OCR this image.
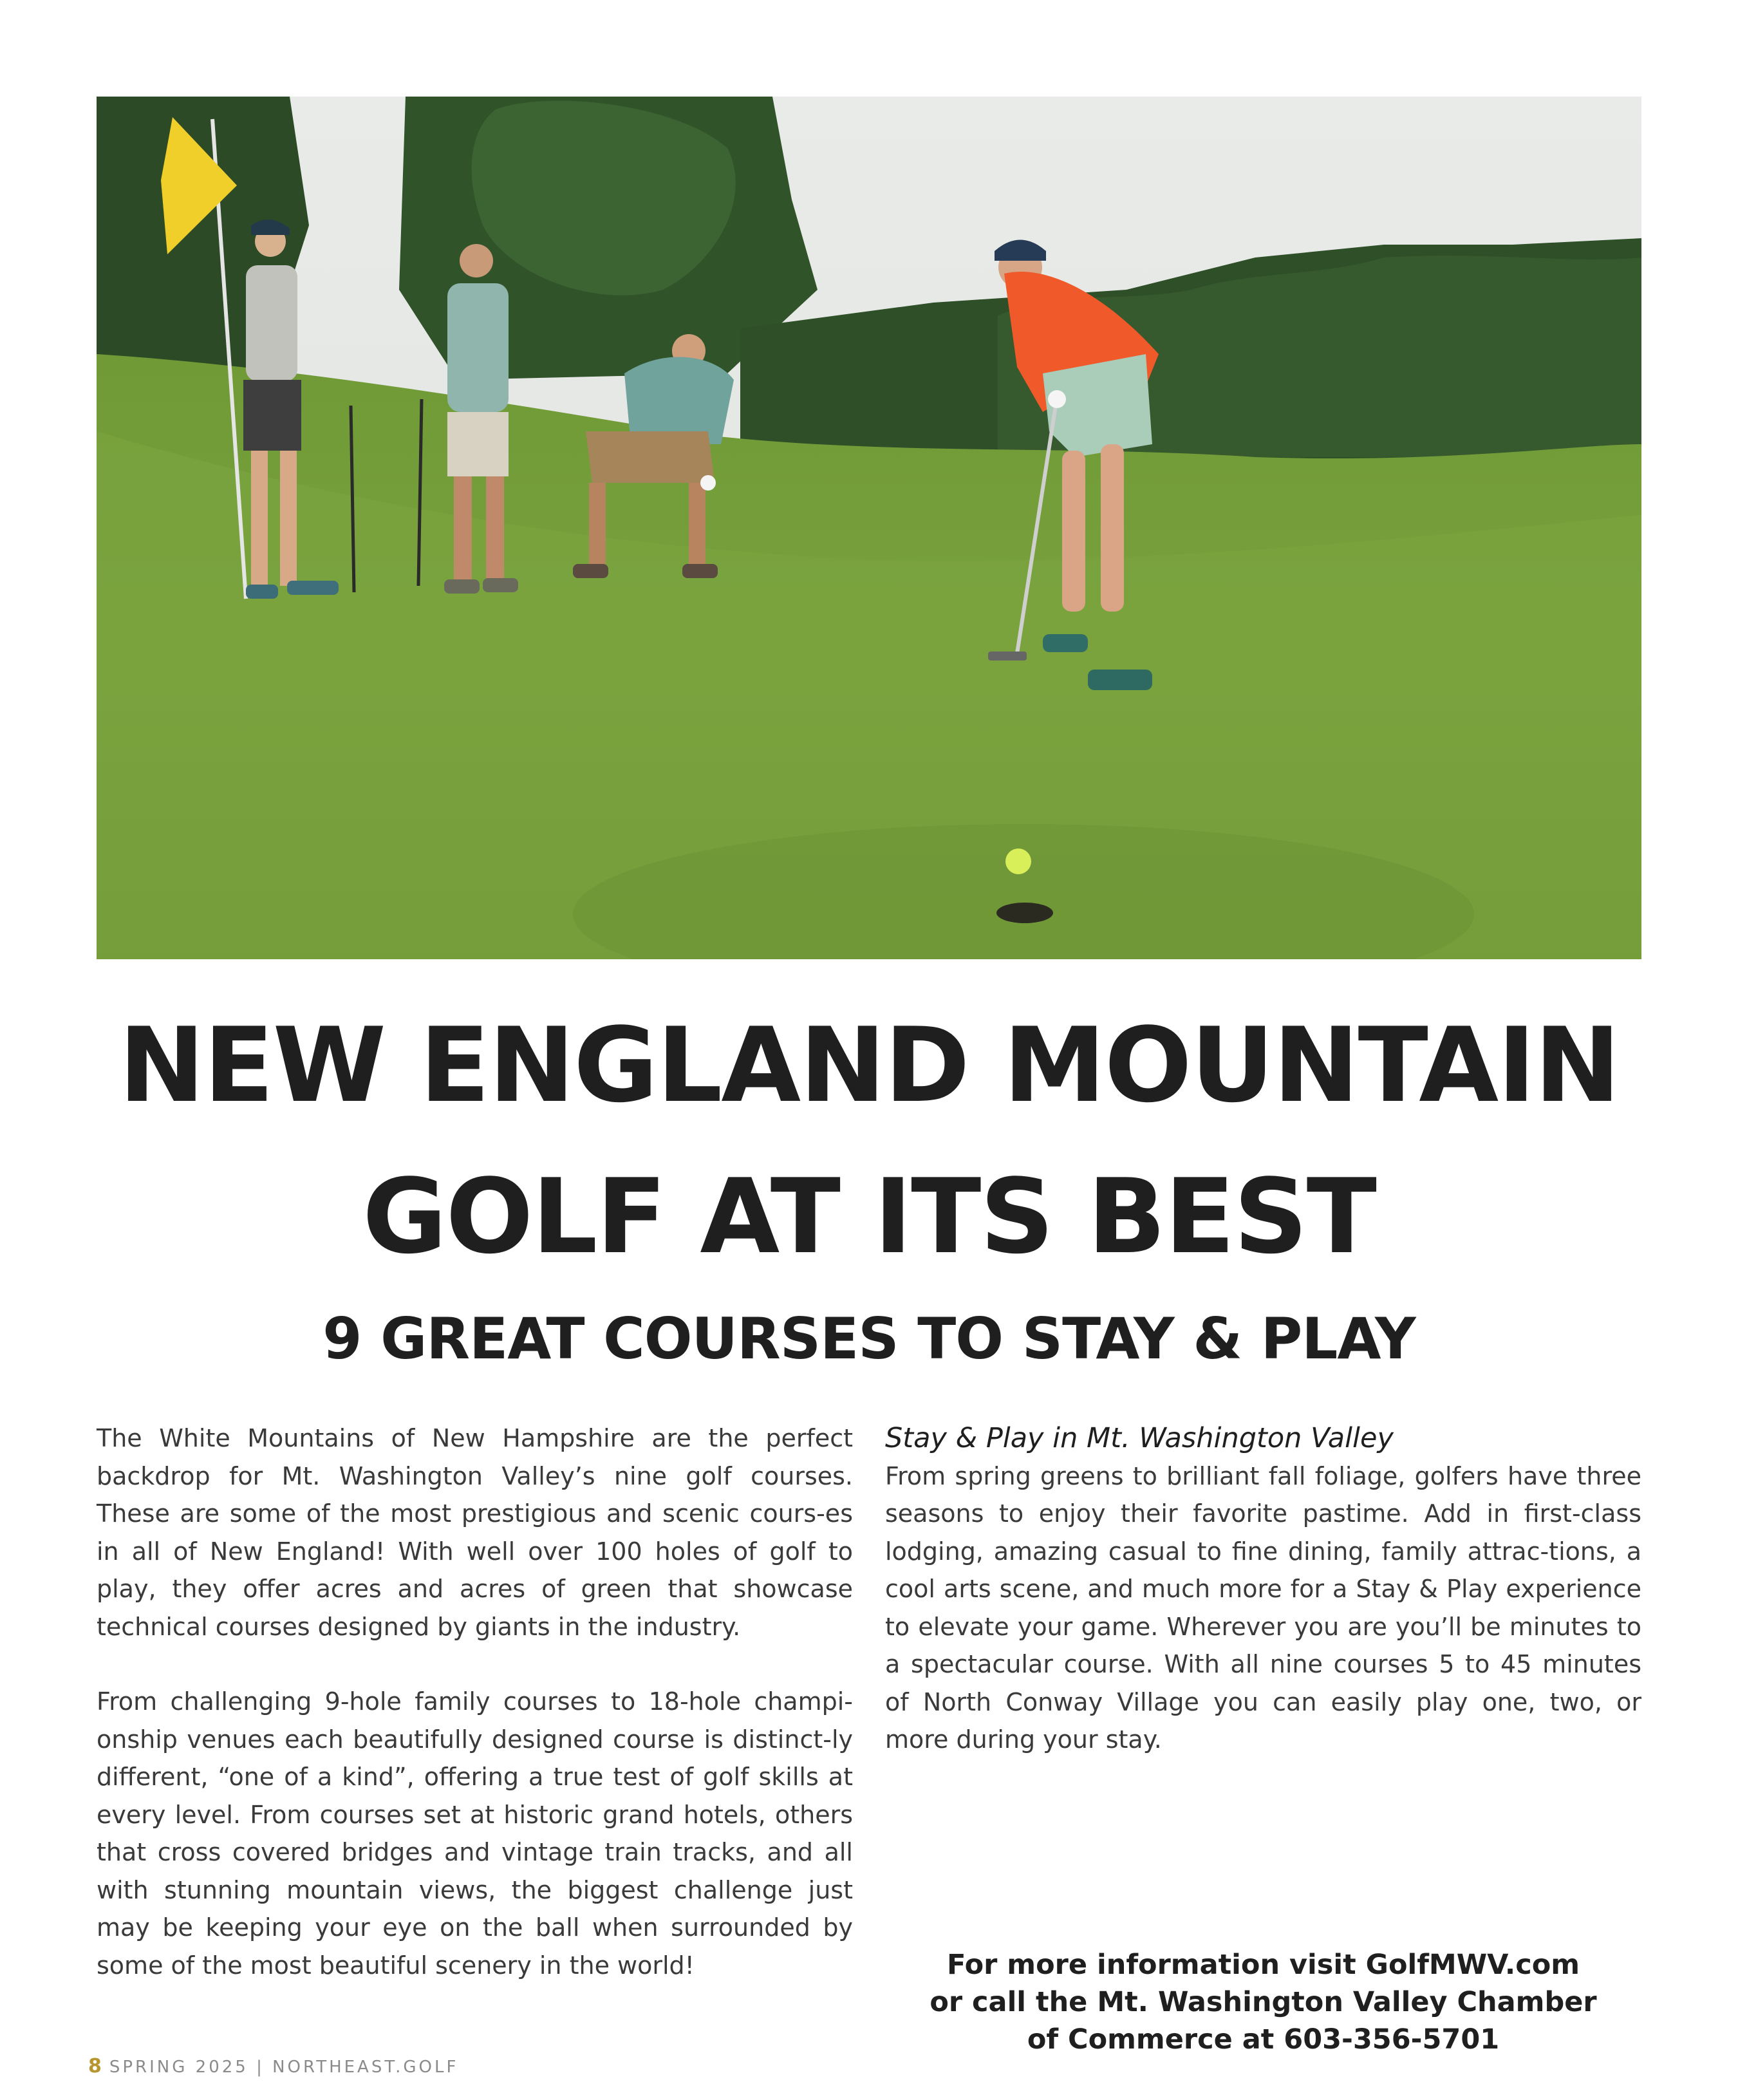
NEW ENGLAND MOUNTAIN
GOLF AT ITS BEST
9 GREAT COURSES TO STAY & PLAY

The White Mountains of New Hampshire are the perfect backdrop for Mt. Washington Valley’s nine golf courses. These are some of the most prestigious and scenic cours-es in all of New England! With well over 100 holes of golf to play, they offer acres and acres of green that showcase technical courses designed by giants in the industry.

From challenging 9-hole family courses to 18-hole champi-onship venues each beautifully designed course is distinct-ly different, “one of a kind”, offering a true test of golf skills at every level. From courses set at historic grand hotels, others that cross covered bridges and vintage train tracks, and all with stunning mountain views, the biggest challenge just may be keeping your eye on the ball when surrounded by some of the most beautiful scenery in the world!

Stay & Play in Mt. Washington Valley

From spring greens to brilliant fall foliage, golfers have three seasons to enjoy their favorite pastime. Add in first-class lodging, amazing casual to fine dining, family attrac-tions, a cool arts scene, and much more for a Stay & Play experience to elevate your game. Wherever you are you’ll be minutes to a spectacular course. With all nine courses 5 to 45 minutes of North Conway Village you can easily play one, two, or more during your stay.

For more information visit GolfMWV.com
or call the Mt. Washington Valley Chamber
of Commerce at 603-356-5701
8 SPRING 2025 | NORTHEAST.GOLF
